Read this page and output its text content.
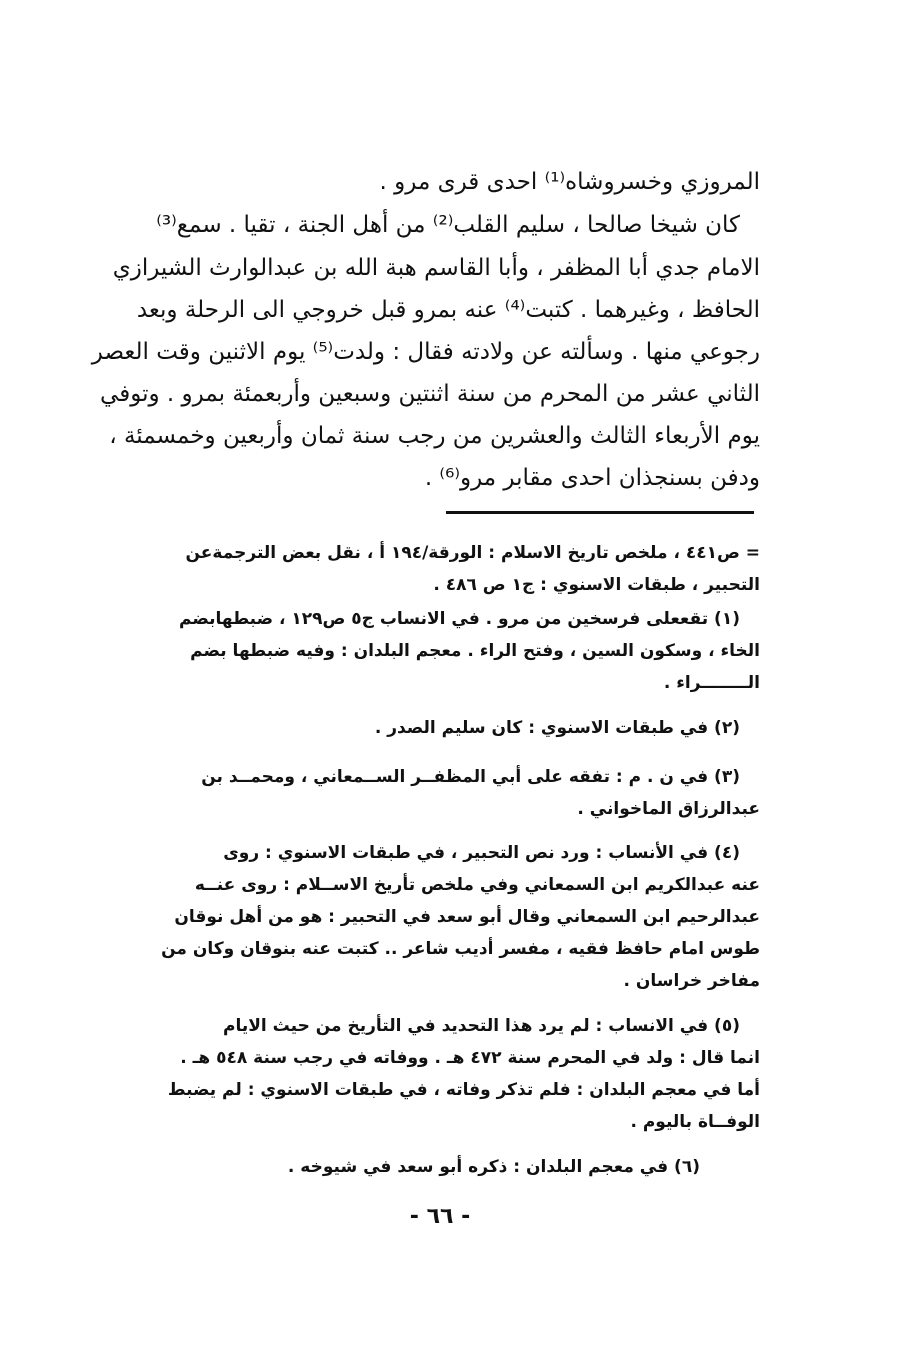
المروزي وخسروشاه⁽¹⁾ احدى قرى مرو .
كان شيخا صالحا ، سليم القلب⁽²⁾ من أهل الجنة ، تقيا . سمع⁽³⁾
الامام جدي أبا المظفر ، وأبا القاسم هبة الله بن عبدالوارث الشيرازي
الحافظ ، وغيرهما . كتبت⁽⁴⁾ عنه بمرو قبل خروجي الى الرحلة وبعد
رجوعي منها . وسألته عن ولادته فقال : ولدت⁽⁵⁾ يوم الاثنين وقت العصر
الثاني عشر من المحرم من سنة اثنتين وسبعين وأربعمئة بمرو . وتوفي
يوم الأربعاء الثالث والعشرين من رجب سنة ثمان وأربعين وخمسمئة ،
ودفن بسنجذان احدى مقابر مرو⁽⁶⁾ .
= ص٤٤١ ، ملخص تاريخ الاسلام : الورقة/١٩٤ أ ، نقل بعض الترجمةعن
التحبير ، طبقات الاسنوي : ج١ ص ٤٨٦ .
(١) تقععلى فرسخين من مرو . في الانساب ج٥ ص١٢٩ ، ضبطهابضم
الخاء ، وسكون السين ، وفتح الراء . معجم البلدان : وفيه ضبطها بضم
الــــــــراء .
(٢) في طبقات الاسنوي : كان سليم الصدر .
(٣) في ن . م : تفقه على أبي المظفــر الســمعاني ، ومحمــد بن
عبدالرزاق الماخواني .
(٤) في الأنساب : ورد نص التحبير ، في طبقات الاسنوي : روى
عنه عبدالكريم ابن السمعاني وفي ملخص تأريخ الاســلام : روى عنــه
عبدالرحيم ابن السمعاني وقال أبو سعد في التحبير : هو من أهل نوقان
طوس امام حافظ فقيه ، مفسر أديب شاعر .. كتبت عنه بنوقان وكان من
مفاخر خراسان .
(٥) في الانساب : لم يرد هذا التحديد في التأريخ من حيث الايام
انما قال : ولد في المحرم سنة ٤٧٢ هـ . ووفاته في رجب سنة ٥٤٨ هـ .
أما في معجم البلدان : فلم تذكر وفاته ، في طبقات الاسنوي : لم يضبط
الوفــاة باليوم .
(٦) في معجم البلدان : ذكره أبو سعد في شيوخه .
- ٦٦ -
